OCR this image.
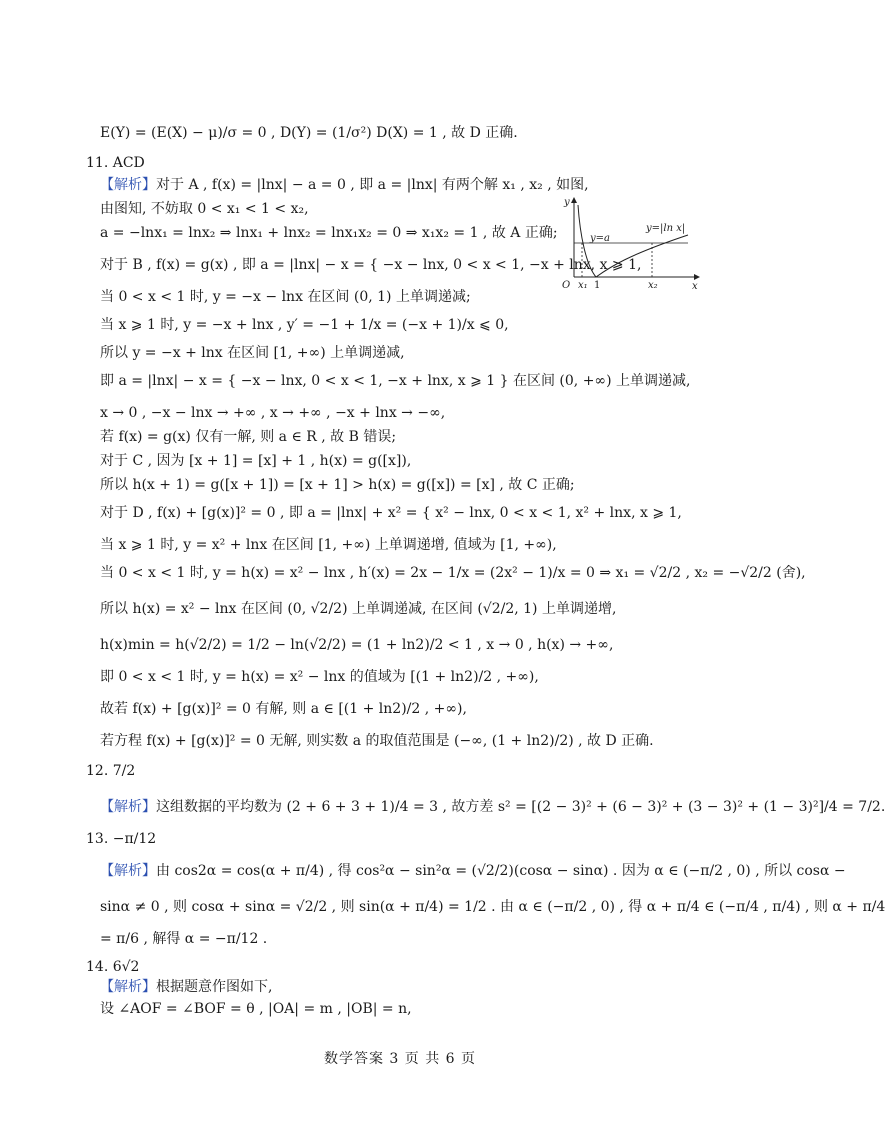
E(Y) = (E(X) − μ)/σ = 0 , D(Y) = (1/σ²) D(X) = 1 , 故 D 正确.
11. ACD
【解析】对于 A , f(x) = |lnx| − a = 0 , 即 a = |lnx| 有两个解 x₁ , x₂ , 如图,
由图知, 不妨取 0 < x₁ < 1 < x₂,
a = −lnx₁ = lnx₂ ⇒ lnx₁ + lnx₂ = lnx₁x₂ = 0 ⇒ x₁x₂ = 1 , 故 A 正确;
对于 B , f(x) = g(x) , 即 a = |lnx| − x = { −x − lnx, 0 < x < 1, −x + lnx, x ⩾ 1,
当 0 < x < 1 时, y = −x − lnx 在区间 (0, 1) 上单调递减;
当 x ⩾ 1 时, y = −x + lnx , y′ = −1 + 1/x = (−x + 1)/x ⩽ 0,
所以 y = −x + lnx 在区间 [1, +∞) 上单调递减,
即 a = |lnx| − x = { −x − lnx, 0 < x < 1, −x + lnx, x ⩾ 1 } 在区间 (0, +∞) 上单调递减,
x → 0 , −x − lnx → +∞ , x → +∞ , −x + lnx → −∞,
若 f(x) = g(x) 仅有一解, 则 a ∈ R , 故 B 错误;
对于 C , 因为 [x + 1] = [x] + 1 , h(x) = g([x]),
所以 h(x + 1) = g([x + 1]) = [x + 1] > h(x) = g([x]) = [x] , 故 C 正确;
对于 D , f(x) + [g(x)]² = 0 , 即 a = |lnx| + x² = { x² − lnx, 0 < x < 1, x² + lnx, x ⩾ 1,
当 x ⩾ 1 时, y = x² + lnx 在区间 [1, +∞) 上单调递增, 值域为 [1, +∞),
当 0 < x < 1 时, y = h(x) = x² − lnx , h′(x) = 2x − 1/x = (2x² − 1)/x = 0 ⇒ x₁ = √2/2 , x₂ = −√2/2 (舍),
所以 h(x) = x² − lnx 在区间 (0, √2/2) 上单调递减, 在区间 (√2/2, 1) 上单调递增,
h(x)min = h(√2/2) = 1/2 − ln(√2/2) = (1 + ln2)/2 < 1 , x → 0 , h(x) → +∞,
即 0 < x < 1 时, y = h(x) = x² − lnx 的值域为 [(1 + ln2)/2 , +∞),
故若 f(x) + [g(x)]² = 0 有解, 则 a ∈ [(1 + ln2)/2 , +∞),
若方程 f(x) + [g(x)]² = 0 无解, 则实数 a 的取值范围是 (−∞, (1 + ln2)/2) , 故 D 正确.
y
x
O
y=a
y=|ln x|
x₁ 1	x₂
12. 7/2
【解析】这组数据的平均数为 (2 + 6 + 3 + 1)/4 = 3 , 故方差 s² = [(2 − 3)² + (6 − 3)² + (3 − 3)² + (1 − 3)²]/4 = 7/2.
13. −π/12
【解析】由 cos2α = cos(α + π/4) , 得 cos²α − sin²α = (√2/2)(cosα − sinα) . 因为 α ∈ (−π/2 , 0) , 所以 cosα −
sinα ≠ 0 , 则 cosα + sinα = √2/2 , 则 sin(α + π/4) = 1/2 . 由 α ∈ (−π/2 , 0) , 得 α + π/4 ∈ (−π/4 , π/4) , 则 α + π/4
= π/6 , 解得 α = −π/12 .
14. 6√2
【解析】根据题意作图如下,
设 ∠AOF = ∠BOF = θ , |OA| = m , |OB| = n,
数学答案 3 页 共 6 页
